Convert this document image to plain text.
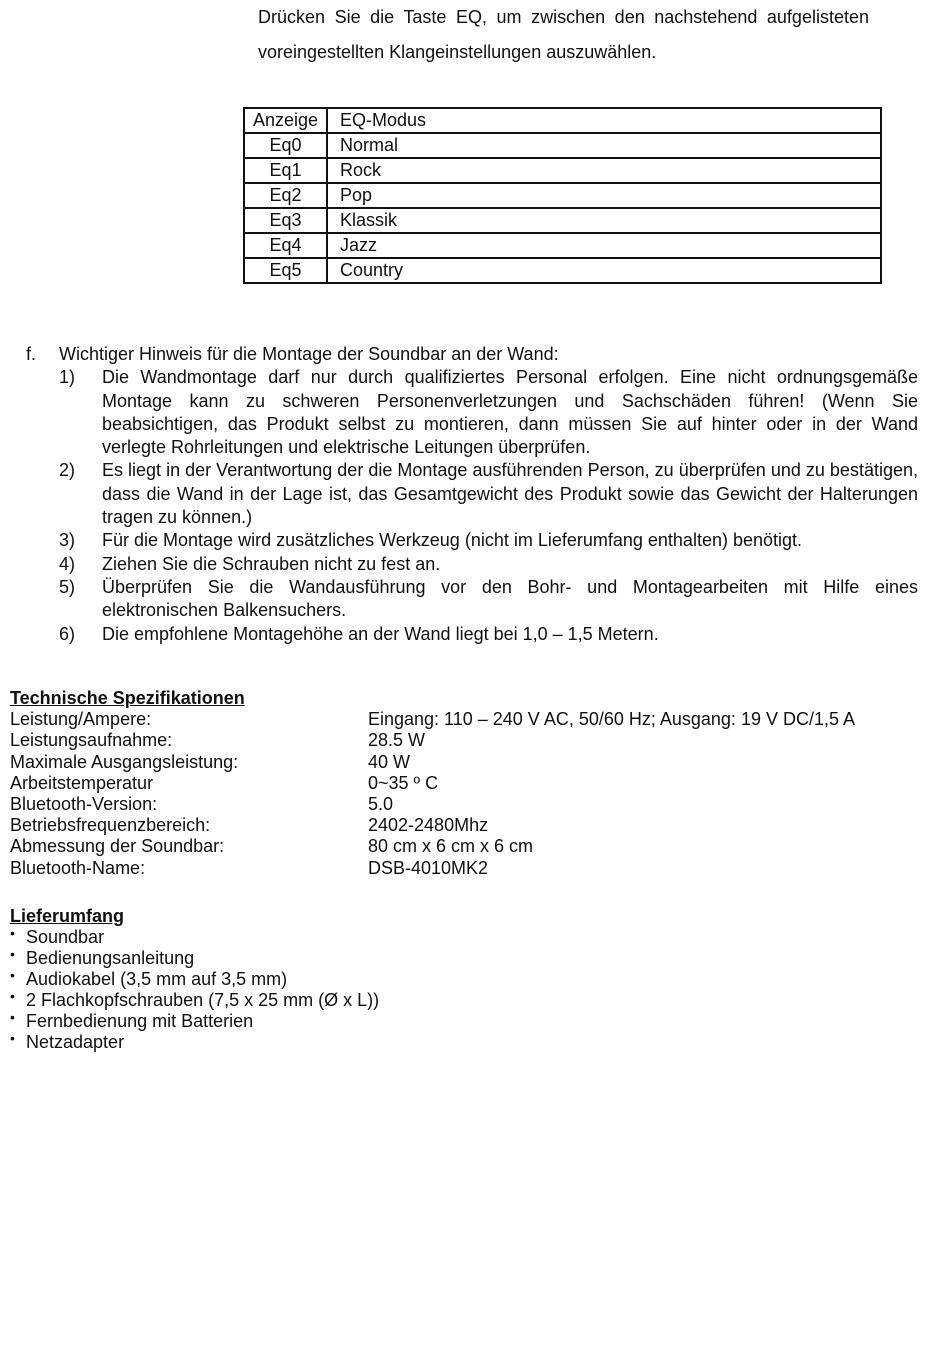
Drücken Sie die Taste EQ, um zwischen den nachstehend aufgelisteten voreingestellten Klangeinstellungen auszuwählen.

Anzeige	EQ-Modus
Eq0	Normal
Eq1	Rock
Eq2	Pop
Eq3	Klassik
Eq4	Jazz
Eq5	Country
f.	Wichtiger Hinweis für die Montage der Soundbar an der Wand:
1)	Die Wandmontage darf nur durch qualifiziertes Personal erfolgen. Eine nicht ordnungsgemäße Montage kann zu schweren Personenverletzungen und Sachschäden führen! (Wenn Sie beabsichtigen, das Produkt selbst zu montieren, dann müssen Sie auf hinter oder in der Wand verlegte Rohrleitungen und elektrische Leitungen überprüfen.
2)	Es liegt in der Verantwortung der die Montage ausführenden Person, zu überprüfen und zu bestätigen, dass die Wand in der Lage ist, das Gesamtgewicht des Produkt sowie das Gewicht der Halterungen tragen zu können.)
3)	Für die Montage wird zusätzliches Werkzeug (nicht im Lieferumfang enthalten) benötigt.
4)	Ziehen Sie die Schrauben nicht zu fest an.
5)	Überprüfen Sie die Wandausführung vor den Bohr- und Montagearbeiten mit Hilfe eines elektronischen Balkensuchers.
6)	Die empfohlene Montagehöhe an der Wand liegt bei 1,0 – 1,5 Metern.

Technische Spezifikationen

Leistung/Ampere:	Eingang: 110 – 240 V AC, 50/60 Hz; Ausgang: 19 V DC/1,5 A
Leistungsaufnahme:	28.5 W
Maximale Ausgangsleistung:	40 W
Arbeitstemperatur	0~35 º C
Bluetooth-Version:	5.0
Betriebsfrequenzbereich:	2402-2480Mhz
Abmessung der Soundbar:	80 cm x 6 cm x 6 cm
Bluetooth-Name:	DSB-4010MK2

Lieferumfang

• Soundbar
• Bedienungsanleitung
• Audiokabel (3,5 mm auf 3,5 mm)
• 2 Flachkopfschrauben (7,5 x 25 mm (Ø x L))
• Fernbedienung mit Batterien
• Netzadapter
